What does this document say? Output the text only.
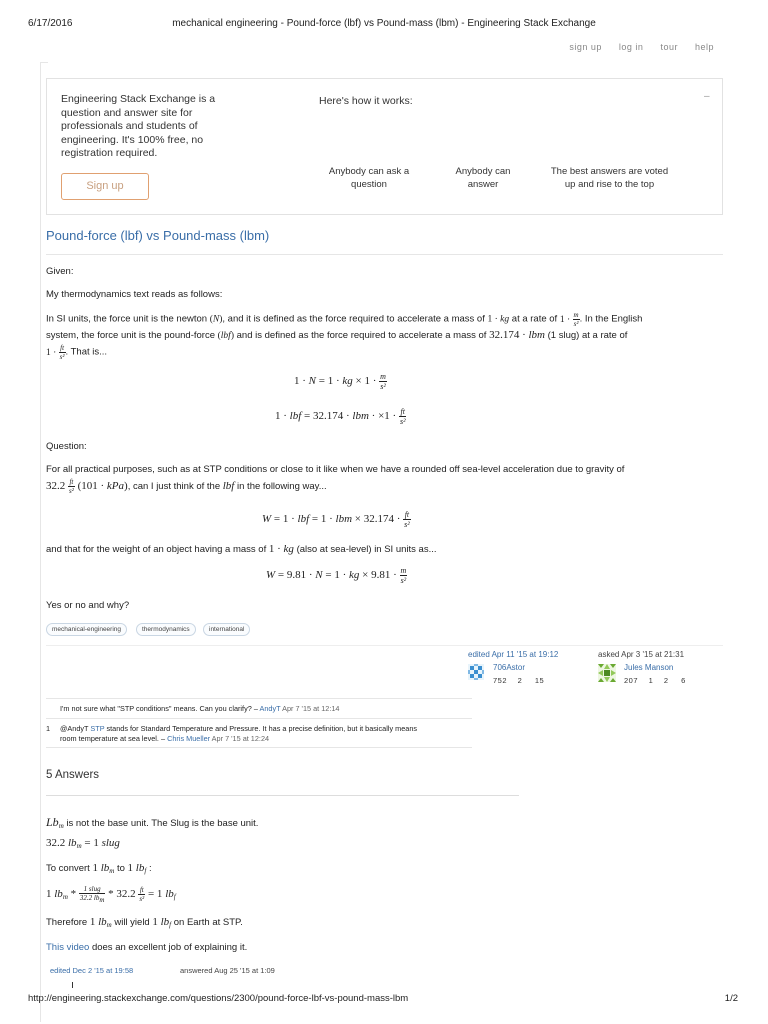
6/17/2016	mechanical engineering - Pound-force (lbf) vs Pound-mass (lbm) - Engineering Stack Exchange
sign up log in tour help
Engineering Stack Exchange is a question and answer site for professionals and students of engineering. It's 100% free, no registration required.
Sign up
Here's how it works:	–
Anybody can ask a question
Anybody can answer
The best answers are voted up and rise to the top
Pound-force (lbf) vs Pound-mass (lbm)
Given:
My thermodynamics text reads as follows:
In SI units, the force unit is the newton (N), and it is defined as the force required to accelerate a mass of 1 · kg at a rate of $1 \cdot \frac{m}{\text{s²}}$ . In the English
system, the force unit is the pound-force (lbf) and is defined as the force required to accelerate a mass of 32.174 · lbm (1 slug) at a rate of
$1 \cdot \frac{ft}{\text{s²}}$ . That is...
1 · N = 1 · kg × $1 \cdot \frac{m}{\text{s²}}$
1 · lbf = 32.174 · lbm · $\times 1 \cdot \frac{ft}{\text{s²}}$
Question:
For all practical purposes, such as at STP conditions or close to it like when we have a rounded off sea-level acceleration due to gravity of
$32.2 \frac{ft}{\text{s²}} (101 \cdot kPa)$, can I just think of the lbf in the following way...
W = 1 · lbf = 1 · lbm × $32.174 \cdot \frac{ft}{\text{s²}}$
and that for the weight of an object having a mass of 1 · kg (also at sea-level) in SI units as...
W = 9.81 · N = 1 · kg × $9.81 \cdot \frac{m}{\text{s²}}$
Yes or no and why?
mechanical-engineering	thermodynamics	international
edited Apr 11 '15 at 19:12
706Astor
752 2 15
asked Apr 3 '15 at 21:31
Jules Manson
207 1 2 6
I'm not sure what "STP conditions" means. Can you clarify? – AndyT Apr 7 '15 at 12:14
1 @AndyT STP stands for Standard Temperature and Pressure. It has a precise definition, but it basically means
room temperature at sea level. – Chris Mueller Apr 7 '15 at 12:24
5 Answers
$Lb_m$ is not the base unit. The Slug is the base unit.
32.2 $lb_m = 1$ slug
To convert 1 $lb_m$ to 1 $lb_f$ :
1 $lb_m * \frac{\text{1 slug}}{\text{32.2 lbm}} * 32.2 \frac{ft}{\text{s²}} = 1$ $lb_f$
Therefore 1 $lb_m$ will yield 1 $lb_f$ on Earth at STP.
This video does an excellent job of explaining it.
edited Dec 2 '15 at 19:58	answered Aug 25 '15 at 1:09
http://engineering.stackexchange.com/questions/2300/pound-force-lbf-vs-pound-mass-lbm	1/2
